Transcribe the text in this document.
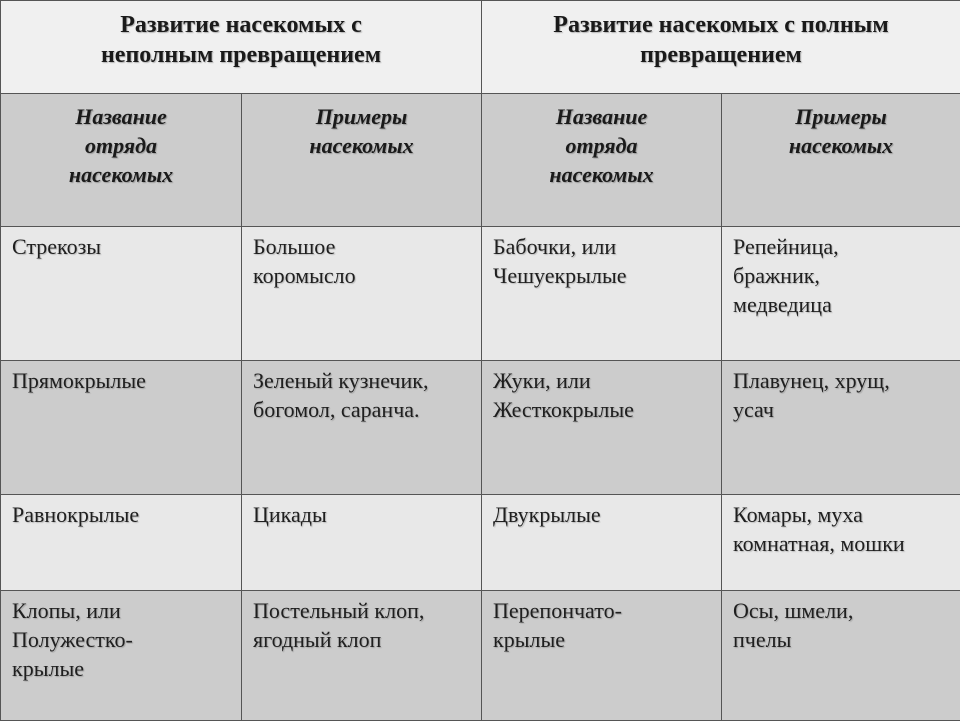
Развитие насекомых с
неполным превращением		Развитие насекомых с полным
превращением	

Название
отряда
насекомых	Примеры
насекомых	Название
отряда
насекомых	Примеры
насекомых

Стрекозы	Большое
коромысло	Бабочки, или
Чешуекрылые	Репейница,
бражник,
медведица

Прямокрылые	Зеленый кузнечик,
богомол, саранча.	Жуки, или
Жесткокрылые	Плавунец, хрущ,
усач

Равнокрылые	Цикады	Двукрылые	Комары, муха
комнатная, мошки

Клопы, или
Полужестко-
крылые	Постельный клоп,
ягодный клоп	Перепончато-
крылые	Осы, шмели,
пчелы
